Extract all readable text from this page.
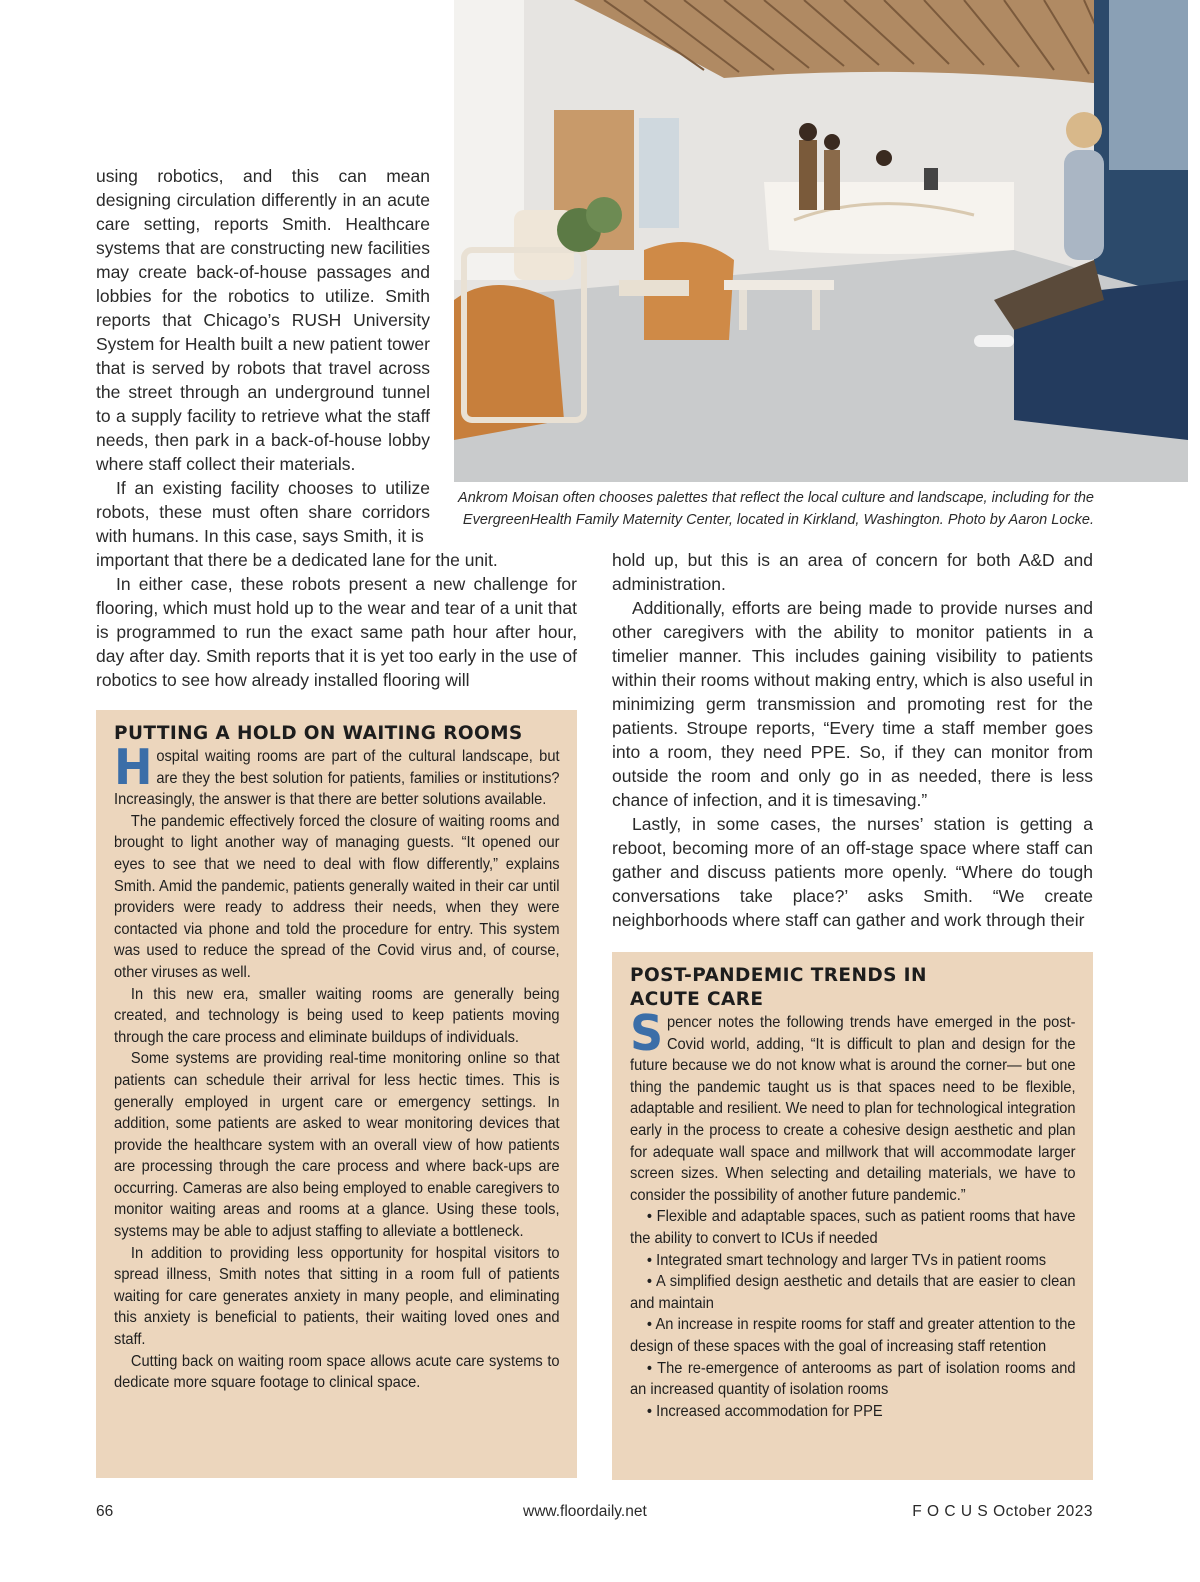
Ankrom Moisan often chooses palettes that reflect the local culture and landscape, including for the EvergreenHealth Family Maternity Center, located in Kirkland, Washington. Photo by Aaron Locke.

using robotics, and this can mean designing circulation differently in an acute care setting, reports Smith. Healthcare systems that are constructing new facilities may create back-of-house passages and lobbies for the robotics to utilize. Smith reports that Chicago’s RUSH University System for Health built a new patient tower that is served by robots that travel across the street through an underground tunnel to a supply facility to retrieve what the staff needs, then park in a back-of-house lobby where staff collect their materials.

If an existing facility chooses to utilize robots, these must often share corridors with humans. In this case, says Smith, it is

important that there be a dedicated lane for the unit.

In either case, these robots present a new challenge for flooring, which must hold up to the wear and tear of a unit that is programmed to run the exact same path hour after hour, day after day. Smith reports that it is yet too early in the use of robotics to see how already installed flooring will

hold up, but this is an area of concern for both A&D and administration.

Additionally, efforts are being made to provide nurses and other caregivers with the ability to monitor patients in a timelier manner. This includes gaining visibility to patients within their rooms without making entry, which is also useful in minimizing germ transmission and promoting rest for the patients. Stroupe reports, “Every time a staff member goes into a room, they need PPE. So, if they can monitor from outside the room and only go in as needed, there is less chance of infection, and it is timesaving.”

Lastly, in some cases, the nurses’ station is getting a reboot, becoming more of an off-stage space where staff can gather and discuss patients more openly. “Where do tough conversations take place?’ asks Smith. “We create neighborhoods where staff can gather and work through their

PUTTING A HOLD ON WAITING ROOMS

Hospital waiting rooms are part of the cultural landscape, but are they the best solution for patients, families or institutions? Increasingly, the answer is that there are better solutions available.

The pandemic effectively forced the closure of waiting rooms and brought to light another way of managing guests. “It opened our eyes to see that we need to deal with flow differently,” explains Smith. Amid the pandemic, patients generally waited in their car until providers were ready to address their needs, when they were contacted via phone and told the procedure for entry. This system was used to reduce the spread of the Covid virus and, of course, other viruses as well.

In this new era, smaller waiting rooms are generally being created, and technology is being used to keep patients moving through the care process and eliminate buildups of individuals.

Some systems are providing real-time monitoring online so that patients can schedule their arrival for less hectic times. This is generally employed in urgent care or emergency settings. In addition, some patients are asked to wear monitoring devices that provide the healthcare system with an overall view of how patients are processing through the care process and where back-ups are occurring. Cameras are also being employed to enable caregivers to monitor waiting areas and rooms at a glance. Using these tools, systems may be able to adjust staffing to alleviate a bottleneck.

In addition to providing less opportunity for hospital visitors to spread illness, Smith notes that sitting in a room full of patients waiting for care generates anxiety in many people, and eliminating this anxiety is beneficial to patients, their waiting loved ones and staff.

Cutting back on waiting room space allows acute care systems to dedicate more square footage to clinical space.

POST-PANDEMIC TRENDS IN
ACUTE CARE

Spencer notes the following trends have emerged in the post-Covid world, adding, “It is difficult to plan and design for the future because we do not know what is around the corner— but one thing the pandemic taught us is that spaces need to be flexible, adaptable and resilient. We need to plan for technological integration early in the process to create a cohesive design aesthetic and plan for adequate wall space and millwork that will accommodate larger screen sizes. When selecting and detailing materials, we have to consider the possibility of another future pandemic.”

• Flexible and adaptable spaces, such as patient rooms that have the ability to convert to ICUs if needed

• Integrated smart technology and larger TVs in patient rooms

• A simplified design aesthetic and details that are easier to clean and maintain

• An increase in respite rooms for staff and greater attention to the design of these spaces with the goal of increasing staff retention

• The re-emergence of anterooms as part of isolation rooms and an increased quantity of isolation rooms

• Increased accommodation for PPE

66	www.floordaily.net	F O C U S October 2023
